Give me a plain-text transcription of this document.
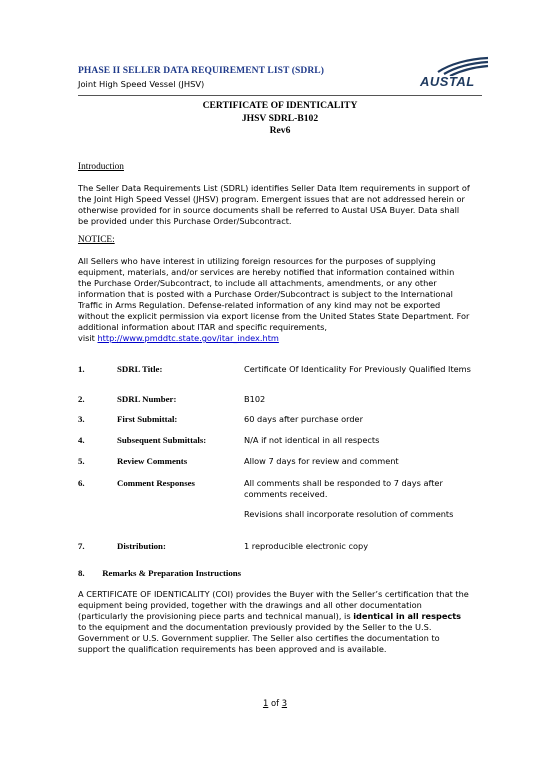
PHASE II SELLER DATA REQUIREMENT LIST (SDRL)
Joint High Speed Vessel (JHSV)	AUSTAL
CERTIFICATE OF IDENTICALITY
JHSV SDRL-B102
Rev6
Introduction
The Seller Data Requirements List (SDRL) identifies Seller Data Item requirements in support of the Joint High Speed Vessel (JHSV) program. Emergent issues that are not addressed herein or otherwise provided for in source documents shall be referred to Austal USA Buyer. Data shall be provided under this Purchase Order/Subcontract.
NOTICE:
All Sellers who have interest in utilizing foreign resources for the purposes of supplying equipment, materials, and/or services are hereby notified that information contained within the Purchase Order/Subcontract, to include all attachments, amendments, or any other information that is posted with a Purchase Order/Subcontract is subject to the International Traffic in Arms Regulation. Defense-related information of any kind may not be exported without the explicit permission via export license from the United States State Department. For additional information about ITAR and specific requirements,
visit http://www.pmddtc.state.gov/itar_index.htm
1.	SDRL Title:	Certificate Of Identicality For Previously Qualified Items
2.	SDRL Number:	B102
3.	First Submittal:	60 days after purchase order
4.	Subsequent Submittals:	N/A if not identical in all respects
5.	Review Comments	Allow 7 days for review and comment
6.	Comment Responses	All comments shall be responded to 7 days after comments received.
Revisions shall incorporate resolution of comments
7.	Distribution:	1 reproducible electronic copy
8.        Remarks & Preparation Instructions
A CERTIFICATE OF IDENTICALITY (COI) provides the Buyer with the Seller’s certification that the equipment being provided, together with the drawings and all other documentation (particularly the provisioning piece parts and technical manual), is identical in all respects to the equipment and the documentation previously provided by the Seller to the U.S. Government or U.S. Government supplier. The Seller also certifies the documentation to support the qualification requirements has been approved and is available.
1 of 3
